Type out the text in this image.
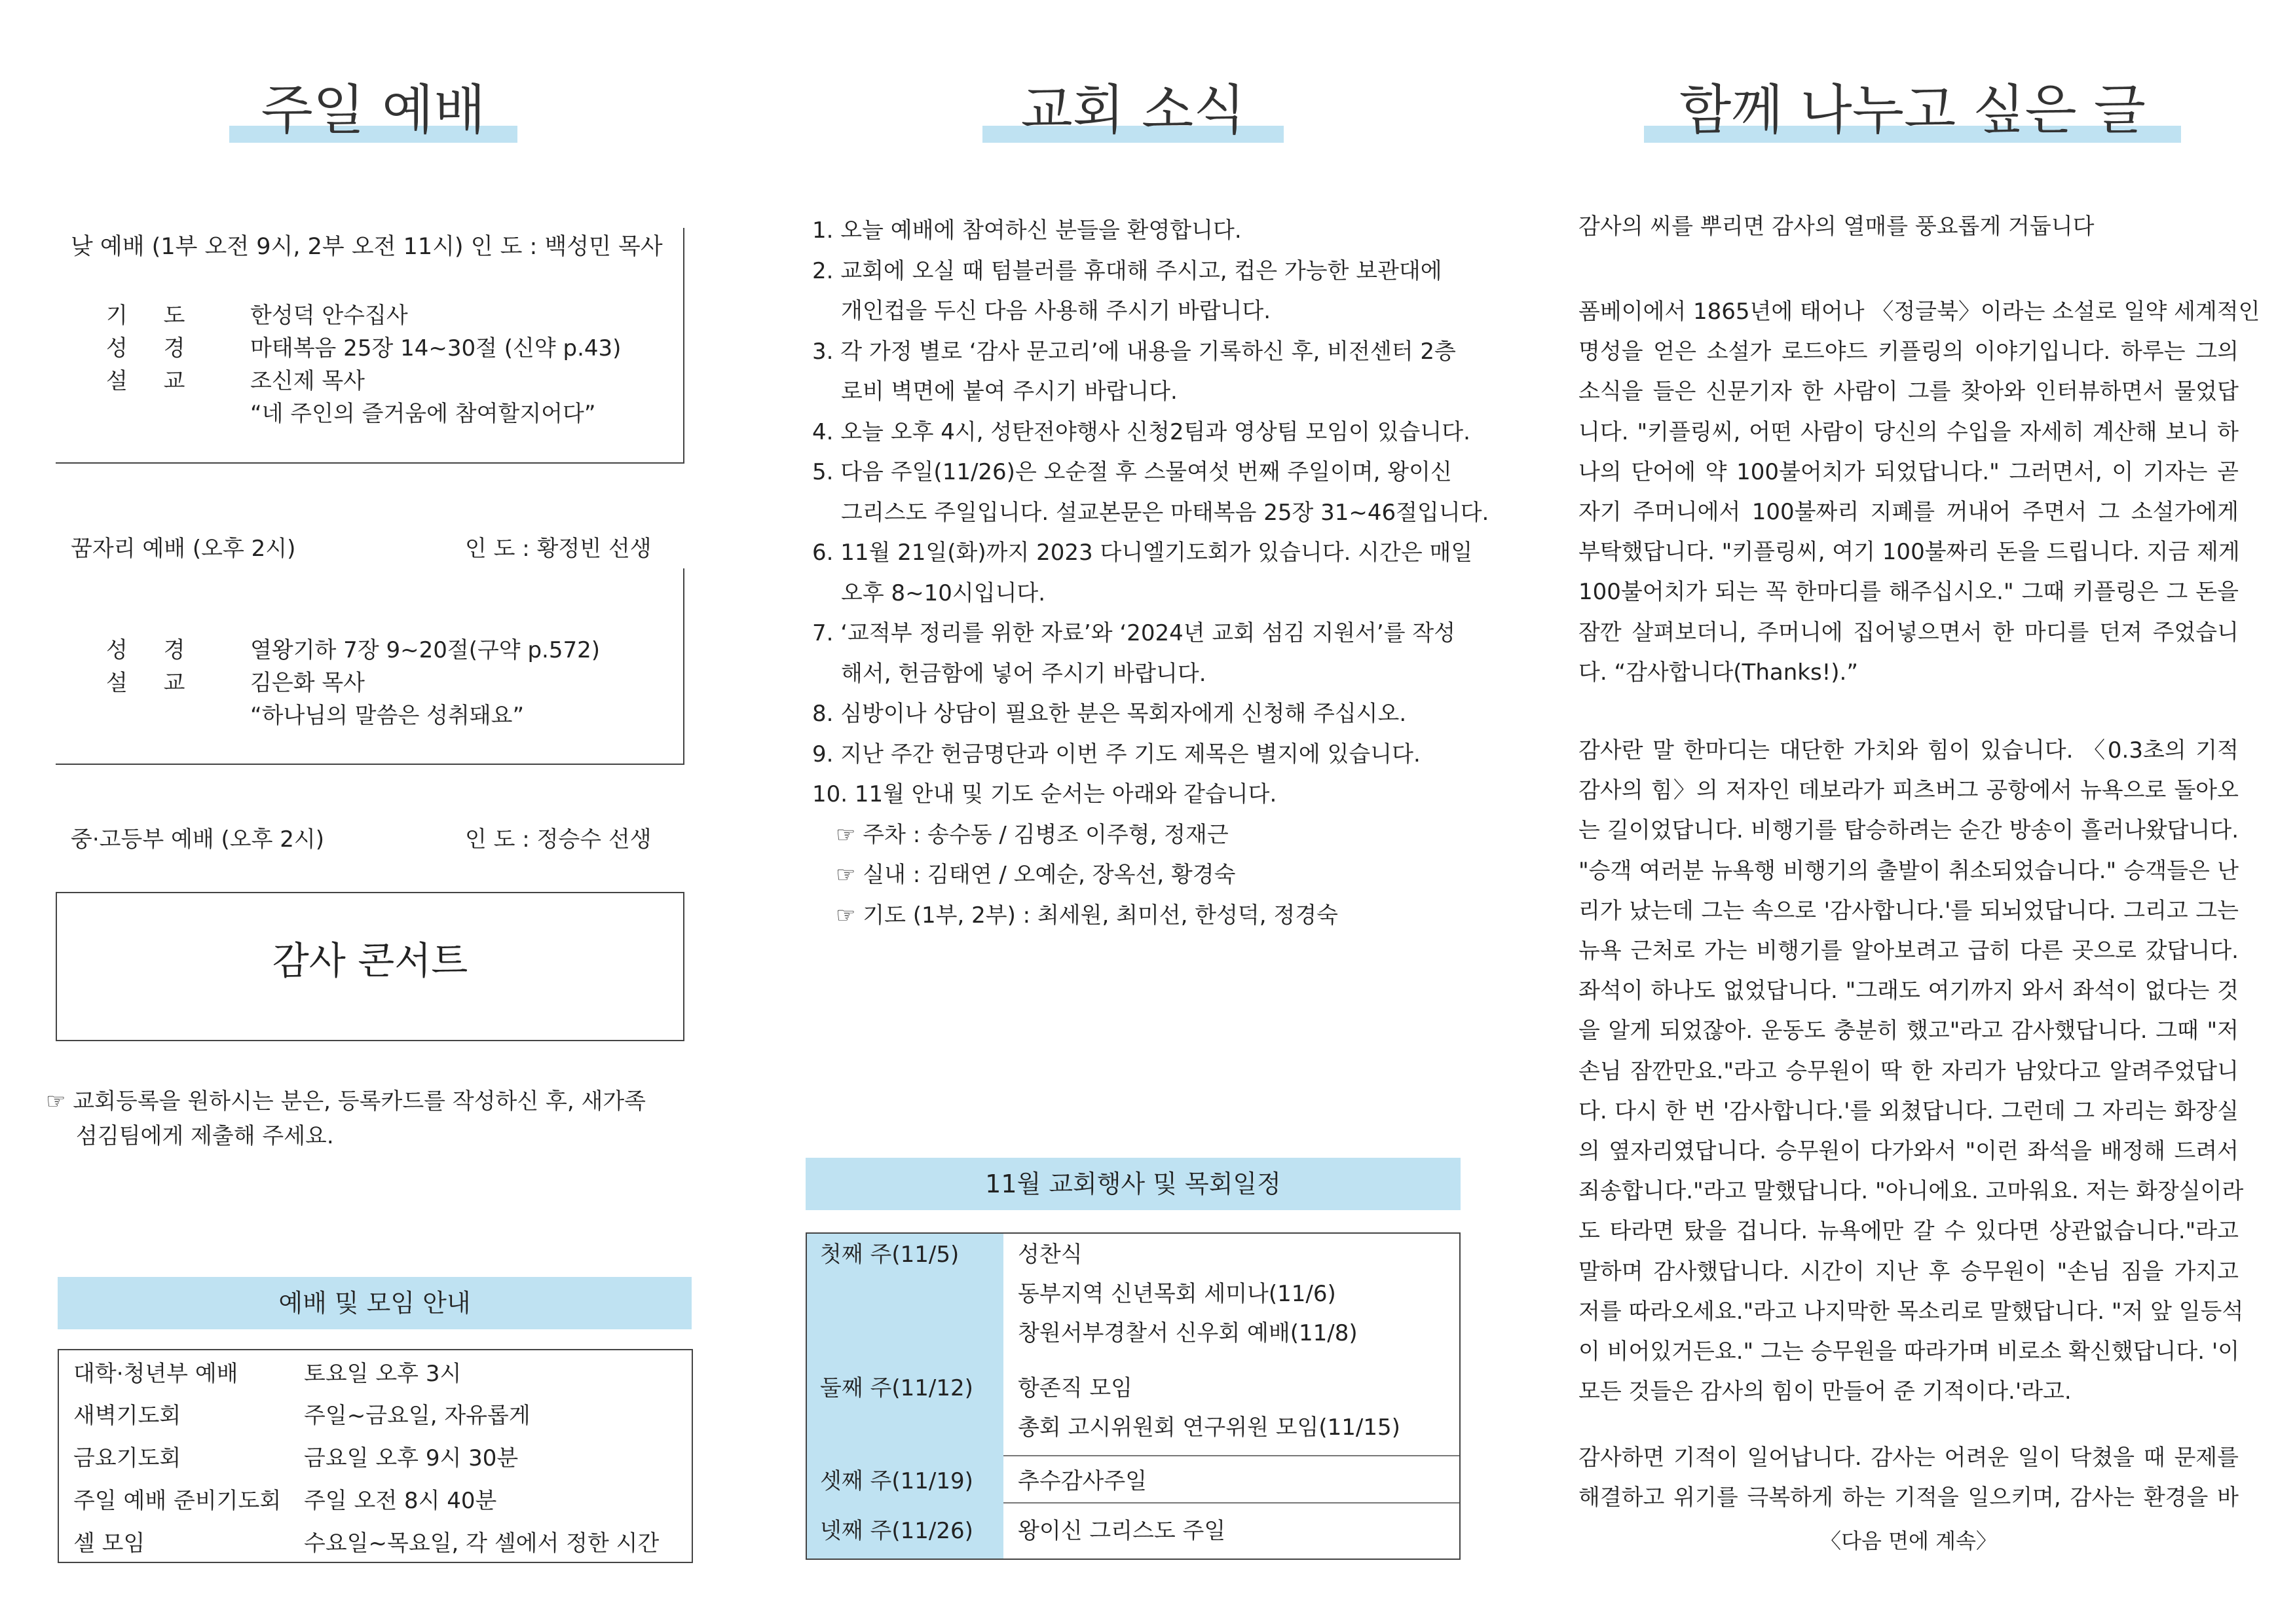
주일 예배
낮 예배 (1부 오전 9시, 2부 오전 11시) 인 도 : 백성민 목사
기 도 한성덕 안수집사
성 경 마태복음 25장 14~30절 (신약 p.43)
설 교 조신제 목사
“네 주인의 즐거움에 참여할지어다”
꿈자리 예배 (오후 2시)	인 도 : 황정빈 선생
성 경 열왕기하 7장 9~20절(구약 p.572)
설 교 김은화 목사
“하나님의 말씀은 성취돼요”
중·고등부 예배 (오후 2시)	인 도 : 정승수 선생
감사 콘서트
☞ 교회등록을 원하시는 분은, 등록카드를 작성하신 후, 새가족
섬김팀에게 제출해 주세요.
예배 및 모임 안내
대학·청년부 예배	토요일 오후 3시
새벽기도회	주일~금요일, 자유롭게
금요기도회	금요일 오후 9시 30분
주일 예배 준비기도회	주일 오전 8시 40분
셀 모임	수요일~목요일, 각 셀에서 정한 시간
교회 소식
1. 오늘 예배에 참여하신 분들을 환영합니다.
2. 교회에 오실 때 텀블러를 휴대해 주시고, 컵은 가능한 보관대에
개인컵을 두신 다음 사용해 주시기 바랍니다.
3. 각 가정 별로 ‘감사 문고리’에 내용을 기록하신 후, 비전센터 2층
로비 벽면에 붙여 주시기 바랍니다.
4. 오늘 오후 4시, 성탄전야행사 신청2팀과 영상팀 모임이 있습니다.
5. 다음 주일(11/26)은 오순절 후 스물여섯 번째 주일이며, 왕이신
그리스도 주일입니다. 설교본문은 마태복음 25장 31~46절입니다.
6. 11월 21일(화)까지 2023 다니엘기도회가 있습니다. 시간은 매일
오후 8~10시입니다.
7. ‘교적부 정리를 위한 자료’와 ‘2024년 교회 섬김 지원서’를 작성
해서, 헌금함에 넣어 주시기 바랍니다.
8. 심방이나 상담이 필요한 분은 목회자에게 신청해 주십시오.
9. 지난 주간 헌금명단과 이번 주 기도 제목은 별지에 있습니다.
10. 11월 안내 및 기도 순서는 아래와 같습니다.
☞ 주차 : 송수동 / 김병조 이주형, 정재근
☞ 실내 : 김태연 / 오예순, 장옥선, 황경숙
☞ 기도 (1부, 2부) : 최세원, 최미선, 한성덕, 정경숙
11월 교회행사 및 목회일정
첫째 주(11/5)	성찬식
동부지역 신년목회 세미나(11/6)
창원서부경찰서 신우회 예배(11/8)
둘째 주(11/12) 항존직 모임
총회 고시위원회 연구위원 모임(11/15)
셋째 주(11/19) 추수감사주일
넷째 주(11/26) 왕이신 그리스도 주일
함께 나누고 싶은 글
감사의 씨를 뿌리면 감사의 열매를 풍요롭게 거둡니다
폼베이에서 1865년에 태어나 〈정글북〉이라는 소설로 일약 세계적인
명성을 얻은 소설가 로드야드 키플링의 이야기입니다. 하루는 그의
소식을 들은 신문기자 한 사람이 그를 찾아와 인터뷰하면서 물었답
니다. "키플링씨, 어떤 사람이 당신의 수입을 자세히 계산해 보니 하
나의 단어에 약 100불어치가 되었답니다." 그러면서, 이 기자는 곧
자기 주머니에서 100불짜리 지폐를 꺼내어 주면서 그 소설가에게
부탁했답니다. "키플링씨, 여기 100불짜리 돈을 드립니다. 지금 제게
100불어치가 되는 꼭 한마디를 해주십시오." 그때 키플링은 그 돈을
잠깐 살펴보더니, 주머니에 집어넣으면서 한 마디를 던져 주었습니
다. “감사합니다(Thanks!).”
감사란 말 한마디는 대단한 가치와 힘이 있습니다. 〈0.3초의 기적
감사의 힘〉의 저자인 데보라가 피츠버그 공항에서 뉴욕으로 돌아오
는 길이었답니다. 비행기를 탑승하려는 순간 방송이 흘러나왔답니다.
"승객 여러분 뉴욕행 비행기의 출발이 취소되었습니다." 승객들은 난
리가 났는데 그는 속으로 '감사합니다.'를 되뇌었답니다. 그리고 그는
뉴욕 근처로 가는 비행기를 알아보려고 급히 다른 곳으로 갔답니다.
좌석이 하나도 없었답니다. "그래도 여기까지 와서 좌석이 없다는 것
을 알게 되었잖아. 운동도 충분히 했고"라고 감사했답니다. 그때 "저
손님 잠깐만요."라고 승무원이 딱 한 자리가 남았다고 알려주었답니
다. 다시 한 번 '감사합니다.'를 외쳤답니다. 그런데 그 자리는 화장실
의 옆자리였답니다. 승무원이 다가와서 "이런 좌석을 배정해 드려서
죄송합니다."라고 말했답니다. "아니에요. 고마워요. 저는 화장실이라
도 타라면 탔을 겁니다. 뉴욕에만 갈 수 있다면 상관없습니다."라고
말하며 감사했답니다. 시간이 지난 후 승무원이 "손님 짐을 가지고
저를 따라오세요."라고 나지막한 목소리로 말했답니다. "저 앞 일등석
이 비어있거든요." 그는 승무원을 따라가며 비로소 확신했답니다. '이
모든 것들은 감사의 힘이 만들어 준 기적이다.'라고.
감사하면 기적이 일어납니다. 감사는 어려운 일이 닥쳤을 때 문제를
해결하고 위기를 극복하게 하는 기적을 일으키며, 감사는 환경을 바
〈다음 면에 계속〉
